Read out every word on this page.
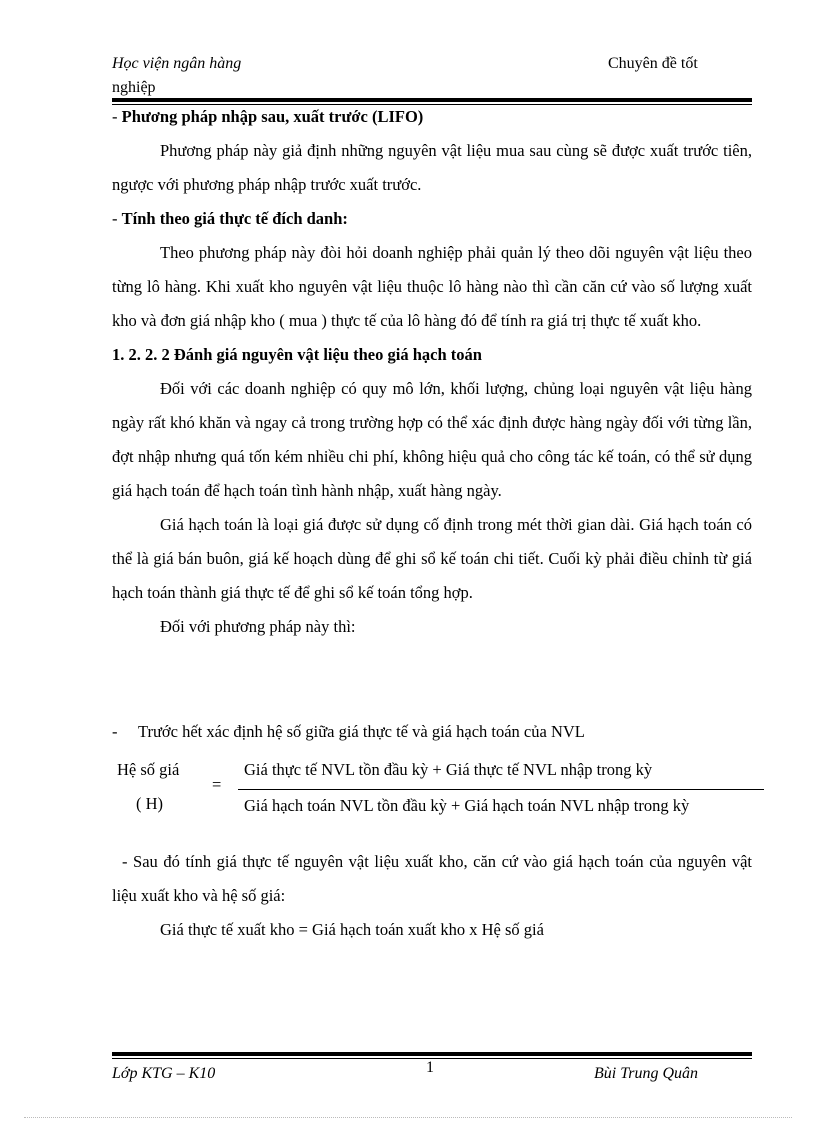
Học viện ngân hàng
nghiệp
Chuyên đề tốt

- Phương pháp nhập sau, xuất trước (LIFO)

Phương pháp này giả định những nguyên vật liệu mua sau cùng sẽ được xuất trước tiên, ngược với phương pháp nhập trước xuất trước.

- Tính theo giá thực tế đích danh:

Theo phương pháp này đòi hỏi doanh nghiệp phải quản lý theo dõi nguyên vật liệu theo từng lô hàng. Khi xuất kho nguyên vật liệu thuộc lô hàng nào thì cần căn cứ vào số lượng xuất kho và đơn giá nhập kho ( mua ) thực tế của lô hàng đó để tính ra giá trị thực tế xuất kho.

1. 2. 2. 2 Đánh giá nguyên vật liệu theo giá hạch toán

Đối với các doanh nghiệp có quy mô lớn, khối lượng, chủng loại nguyên vật liệu hàng ngày rất khó khăn và ngay cả trong trường hợp có thể xác định được hàng ngày đối với từng lần, đợt nhập nhưng quá tốn kém nhiều chi phí, không hiệu quả cho công tác kế toán, có thể sử dụng giá hạch toán để hạch toán tình hành nhập, xuất hàng ngày.

Giá hạch toán là loại giá được sử dụng cố định trong mét thời gian dài. Giá hạch toán có thể là giá bán buôn, giá kế hoạch dùng để ghi sổ kế toán chi tiết. Cuối kỳ phải điều chỉnh từ giá hạch toán thành giá thực tế để ghi sổ kế toán tổng hợp.

Đối với phương pháp này thì:

- Trước hết xác định hệ số giữa giá thực tế và giá hạch toán của NVL
Hệ số giá
( H)
=
Giá thực tế NVL tồn đầu kỳ + Giá thực tế NVL nhập trong kỳ
Giá hạch toán NVL tồn đầu kỳ + Giá hạch toán NVL nhập trong kỳ

- Sau đó tính giá thực tế nguyên vật liệu xuất kho, căn cứ vào giá hạch toán của nguyên vật liệu xuất kho và hệ số giá:

Giá thực tế xuất kho = Giá hạch toán xuất kho x Hệ số giá

Lớp KTG – K10	1	Bùi Trung Quân
